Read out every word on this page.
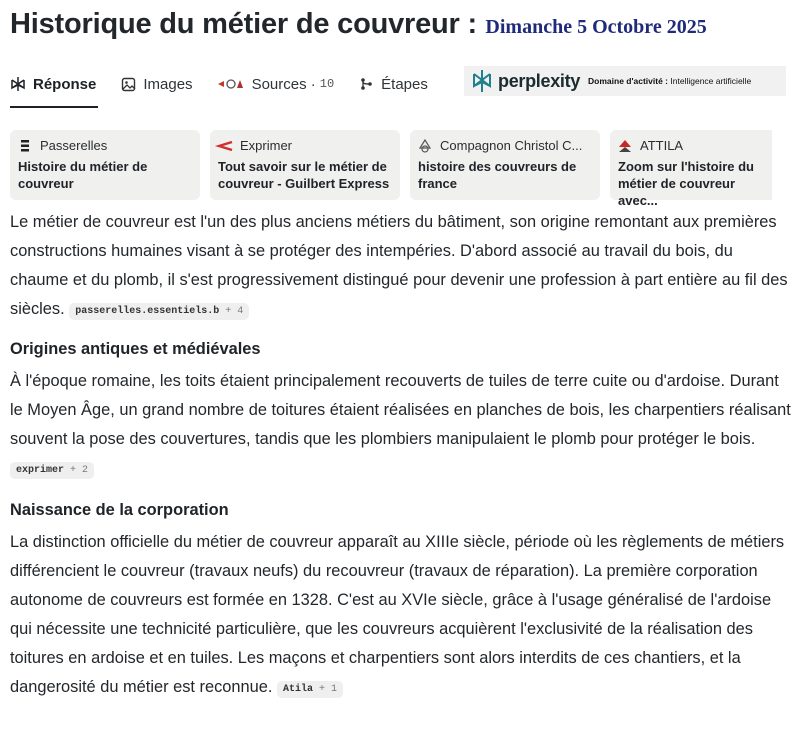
Historique du métier de couvreur : Dimanche 5 Octobre 2025
Réponse	Images	Sources · 10	Étapes	perplexity Domaine d'activité : Intelligence artificielle
Passerelles
Histoire du métier de couvreur
Exprimer
Tout savoir sur le métier de couvreur - Guilbert Express
Compagnon Christol C...
histoire des couvreurs de france
ATTILA
Zoom sur l'histoire du métier de couvreur avec...

Le métier de couvreur est l'un des plus anciens métiers du bâtiment, son origine remontant aux premières constructions humaines visant à se protéger des intempéries. D'abord associé au travail du bois, du chaume et du plomb, il s'est progressivement distingué pour devenir une profession à part entière au fil des siècles. passerelles.essentiels.b + 4

Origines antiques et médiévales

À l'époque romaine, les toits étaient principalement recouverts de tuiles de terre cuite ou d'ardoise. Durant le Moyen Âge, un grand nombre de toitures étaient réalisées en planches de bois, les charpentiers réalisant souvent la pose des couvertures, tandis que les plombiers manipulaient le plomb pour protéger le bois. exprimer + 2

Naissance de la corporation

La distinction officielle du métier de couvreur apparaît au XIIIe siècle, période où les règlements de métiers différencient le couvreur (travaux neufs) du recouvreur (travaux de réparation). La première corporation autonome de couvreurs est formée en 1328. C'est au XVIe siècle, grâce à l'usage généralisé de l'ardoise qui nécessite une technicité particulière, que les couvreurs acquièrent l'exclusivité de la réalisation des toitures en ardoise et en tuiles. Les maçons et charpentiers sont alors interdits de ces chantiers, et la dangerosité du métier est reconnue. Atila + 1
